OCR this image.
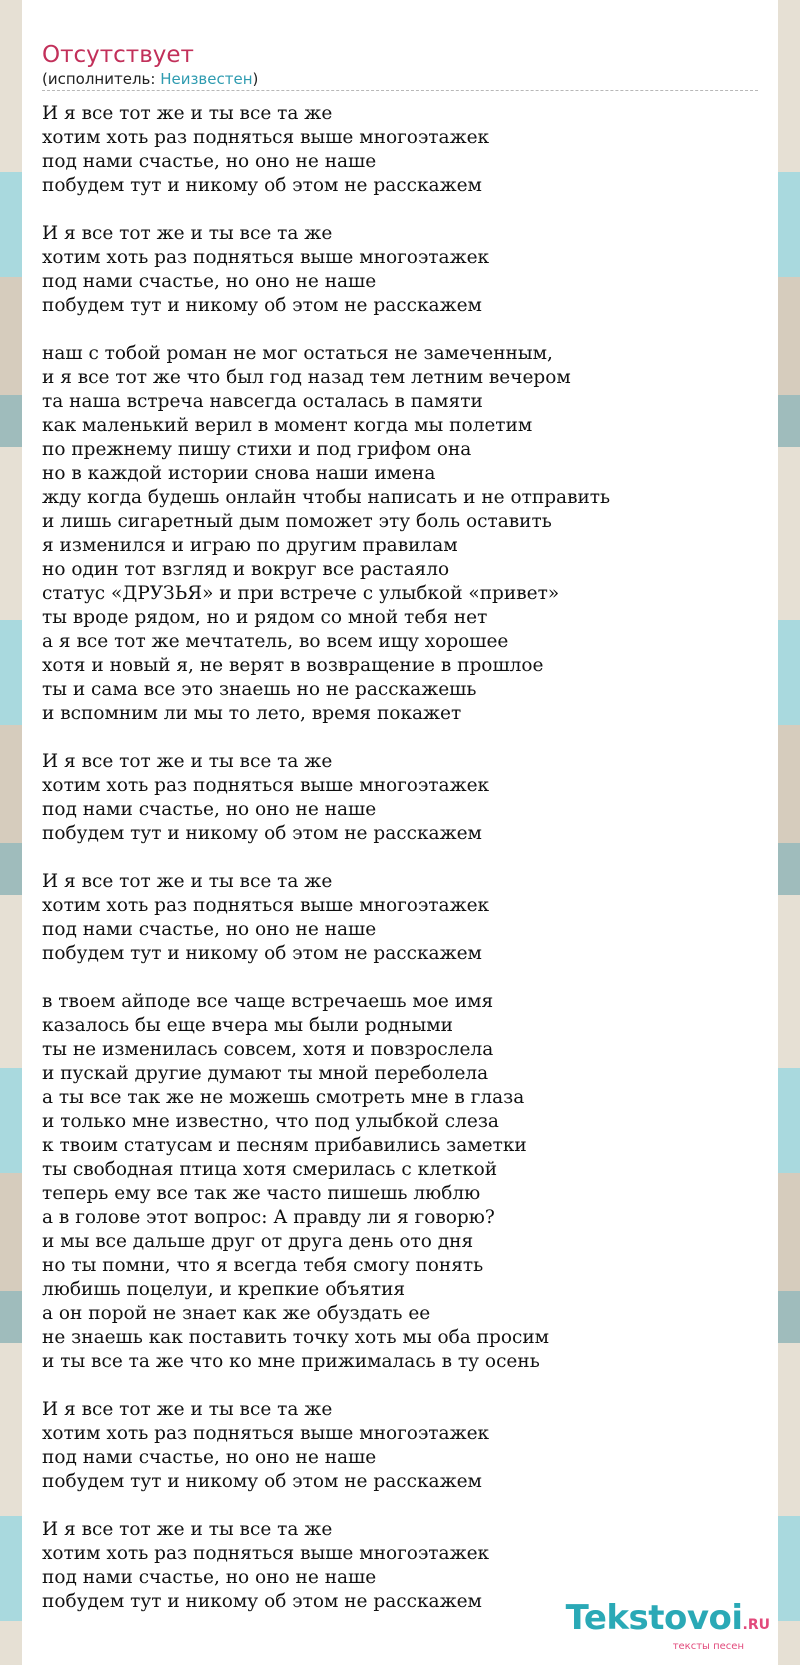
Отсутствует
(исполнитель: Неизвестен)
И я все тот же и ты все та же
хотим хоть раз подняться выше многоэтажек
под нами счастье, но оно не наше
побудем тут и никому об этом не расскажем
И я все тот же и ты все та же
хотим хоть раз подняться выше многоэтажек
под нами счастье, но оно не наше
побудем тут и никому об этом не расскажем
наш с тобой роман не мог остаться не замеченным,
и я все тот же что был год назад тем летним вечером
та наша встреча навсегда осталась в памяти
как маленький верил в момент когда мы полетим
по прежнему пишу стихи и под грифом она
но в каждой истории снова наши имена
жду когда будешь онлайн чтобы написать и не отправить
и лишь сигаретный дым поможет эту боль оставить
я изменился и играю по другим правилам
но один тот взгляд и вокруг все растаяло
статус «ДРУЗЬЯ» и при встрече с улыбкой «привет»
ты вроде рядом, но и рядом со мной тебя нет
а я все тот же мечтатель, во всем ищу хорошее
хотя и новый я, не верят в возвращение в прошлое
ты и сама все это знаешь но не расскажешь
и вспомним ли мы то лето, время покажет
И я все тот же и ты все та же
хотим хоть раз подняться выше многоэтажек
под нами счастье, но оно не наше
побудем тут и никому об этом не расскажем
И я все тот же и ты все та же
хотим хоть раз подняться выше многоэтажек
под нами счастье, но оно не наше
побудем тут и никому об этом не расскажем
в твоем айподе все чаще встречаешь мое имя
казалось бы еще вчера мы были родными
ты не изменилась совсем, хотя и повзрослела
и пускай другие думают ты мной переболела
а ты все так же не можешь смотреть мне в глаза
и только мне известно, что под улыбкой слеза
к твоим статусам и песням прибавились заметки
ты свободная птица хотя смерилась с клеткой
теперь ему все так же часто пишешь люблю
а в голове этот вопрос: А правду ли я говорю?
и мы все дальше друг от друга день ото дня
но ты помни, что я всегда тебя смогу понять
любишь поцелуи, и крепкие объятия
а он порой не знает как же обуздать ее
не знаешь как поставить точку хоть мы оба просим
и ты все та же что ко мне прижималась в ту осень
И я все тот же и ты все та же
хотим хоть раз подняться выше многоэтажек
под нами счастье, но оно не наше
побудем тут и никому об этом не расскажем
И я все тот же и ты все та же
хотим хоть раз подняться выше многоэтажек
под нами счастье, но оно не наше
побудем тут и никому об этом не расскажем	Tekstovoi.RU
тексты песен
